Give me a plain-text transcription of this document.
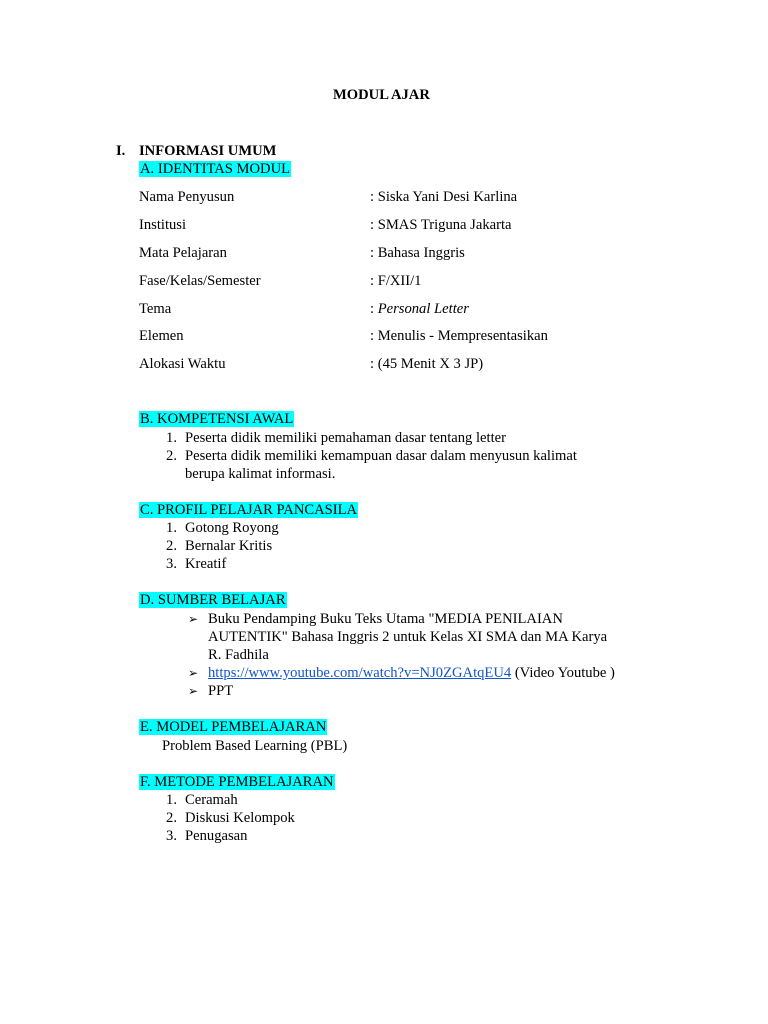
MODUL AJAR
I. INFORMASI UMUM
A. IDENTITAS MODUL
Nama Penyusun	: Siska Yani Desi Karlina
Institusi	: SMAS Triguna Jakarta
Mata Pelajaran	: Bahasa Inggris
Fase/Kelas/Semester	: F/XII/1
Tema	: Personal Letter
Elemen	: Menulis - Mempresentasikan
Alokasi Waktu	: (45 Menit X 3 JP)
B. KOMPETENSI AWAL
1. Peserta didik memiliki pemahaman dasar tentang letter
2. Peserta didik memiliki kemampuan dasar dalam menyusun kalimat
berupa kalimat informasi.
C. PROFIL PELAJAR PANCASILA
1. Gotong Royong
2. Bernalar Kritis
3. Kreatif
D. SUMBER BELAJAR
➢ Buku Pendamping Buku Teks Utama "MEDIA PENILAIAN
AUTENTIK" Bahasa Inggris 2 untuk Kelas XI SMA dan MA Karya
R. Fadhila
➢ https://www.youtube.com/watch?v=NJ0ZGAtqEU4 (Video Youtube )
➢ PPT
E. MODEL PEMBELAJARAN
Problem Based Learning (PBL)
F. METODE PEMBELAJARAN
1. Ceramah
2. Diskusi Kelompok
3. Penugasan
